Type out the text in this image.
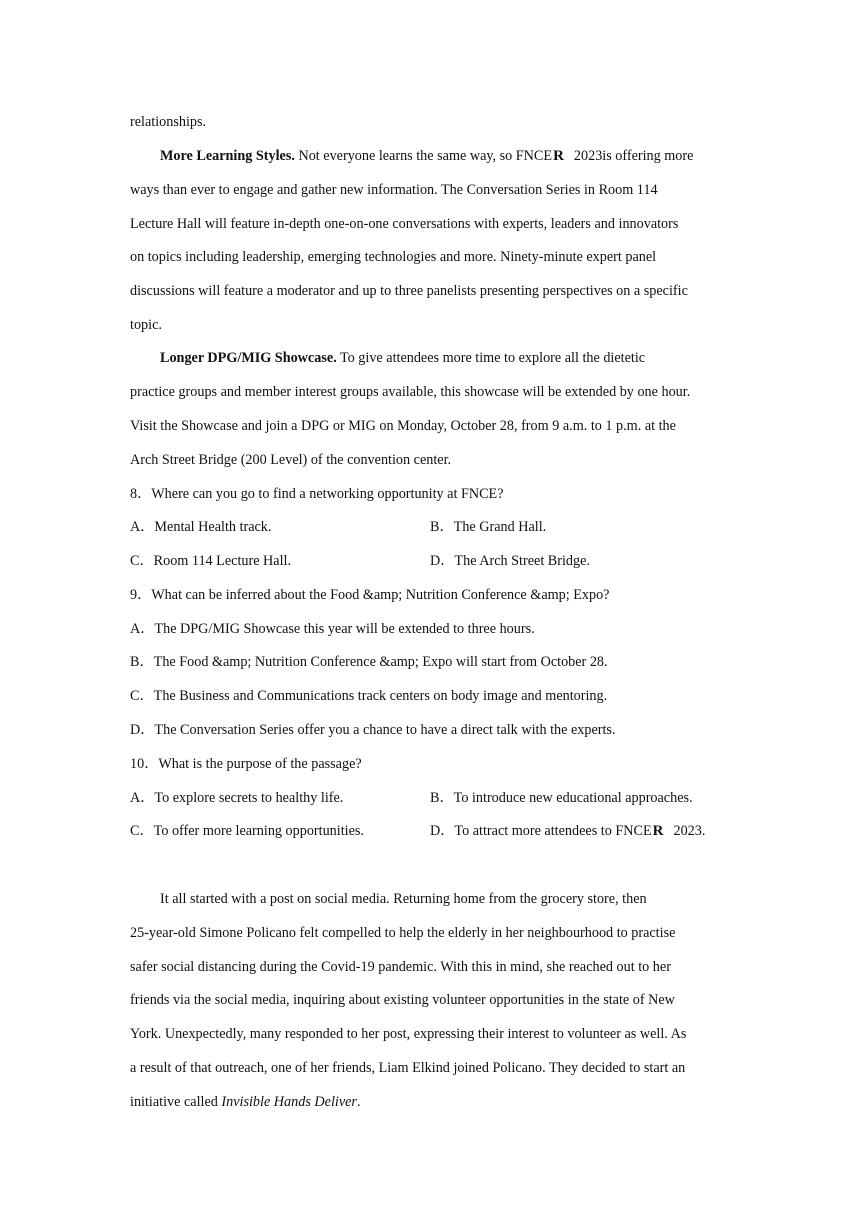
relationships.
More Learning Styles. Not everyone learns the same way, so FNCER 2023is offering more
ways than ever to engage and gather new information. The Conversation Series in Room 114
Lecture Hall will feature in-depth one-on-one conversations with experts, leaders and innovators
on topics including leadership, emerging technologies and more. Ninety-minute expert panel
discussions will feature a moderator and up to three panelists presenting perspectives on a specific
topic.
Longer DPG/MIG Showcase. To give attendees more time to explore all the dietetic
practice groups and member interest groups available, this showcase will be extended by one hour.
Visit the Showcase and join a DPG or MIG on Monday, October 28, from 9 a.m. to 1 p.m. at the
Arch Street Bridge (200 Level) of the convention center.
8．Where can you go to find a networking opportunity at FNCE?
A．Mental Health track.	B．The Grand Hall.
C．Room 114 Lecture Hall.	D．The Arch Street Bridge.
9．What can be inferred about the Food &amp; Nutrition Conference &amp; Expo?
A．The DPG/MIG Showcase this year will be extended to three hours.
B．The Food &amp; Nutrition Conference &amp; Expo will start from October 28.
C．The Business and Communications track centers on body image and mentoring.
D．The Conversation Series offer you a chance to have a direct talk with the experts.
10．What is the purpose of the passage?
A．To explore secrets to healthy life.	B．To introduce new educational approaches.
C．To offer more learning opportunities.	D．To attract more attendees to FNCER 2023.
It all started with a post on social media. Returning home from the grocery store, then
25-year-old Simone Policano felt compelled to help the elderly in her neighbourhood to practise
safer social distancing during the Covid-19 pandemic. With this in mind, she reached out to her
friends via the social media, inquiring about existing volunteer opportunities in the state of New
York. Unexpectedly, many responded to her post, expressing their interest to volunteer as well. As
a result of that outreach, one of her friends, Liam Elkind joined Policano. They decided to start an
initiative called Invisible Hands Deliver.
